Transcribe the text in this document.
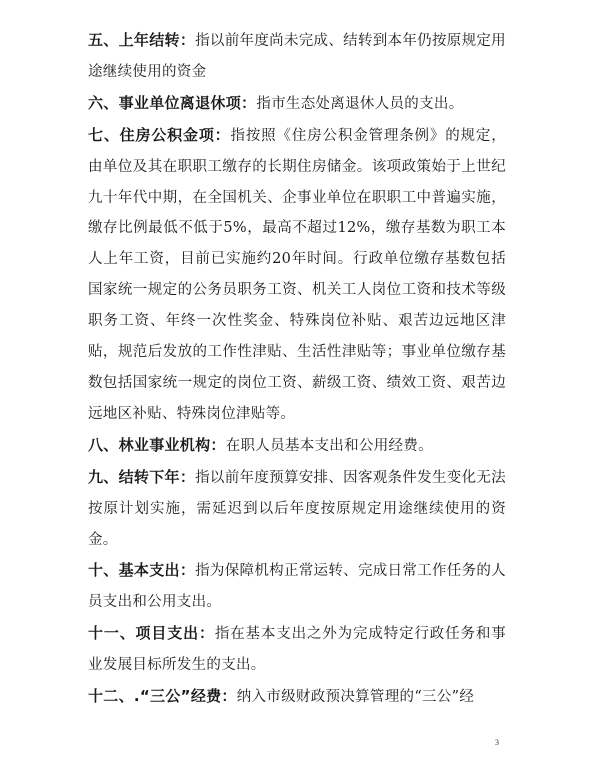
五、上年结转：指以前年度尚未完成、结转到本年仍按原规定用途继续使用的资金

六、事业单位离退休项：指市生态处离退休人员的支出。

七、住房公积金项：指按照《住房公积金管理条例》的规定，由单位及其在职职工缴存的长期住房储金。该项政策始于上世纪九十年代中期，在全国机关、企事业单位在职职工中普遍实施，缴存比例最低不低于5%，最高不超过12%，缴存基数为职工本人上年工资，目前已实施约20年时间。行政单位缴存基数包括国家统一规定的公务员职务工资、机关工人岗位工资和技术等级职务工资、年终一次性奖金、特殊岗位补贴、艰苦边远地区津贴，规范后发放的工作性津贴、生活性津贴等；事业单位缴存基数包括国家统一规定的岗位工资、薪级工资、绩效工资、艰苦边远地区补贴、特殊岗位津贴等。

八、林业事业机构：在职人员基本支出和公用经费。

九、结转下年：指以前年度预算安排、因客观条件发生变化无法按原计划实施，需延迟到以后年度按原规定用途继续使用的资金。

十、基本支出：指为保障机构正常运转、完成日常工作任务的人员支出和公用支出。

十一、项目支出：指在基本支出之外为完成特定行政任务和事业发展目标所发生的支出。

十二、.“三公”经费：纳入市级财政预决算管理的“三公”经

3
